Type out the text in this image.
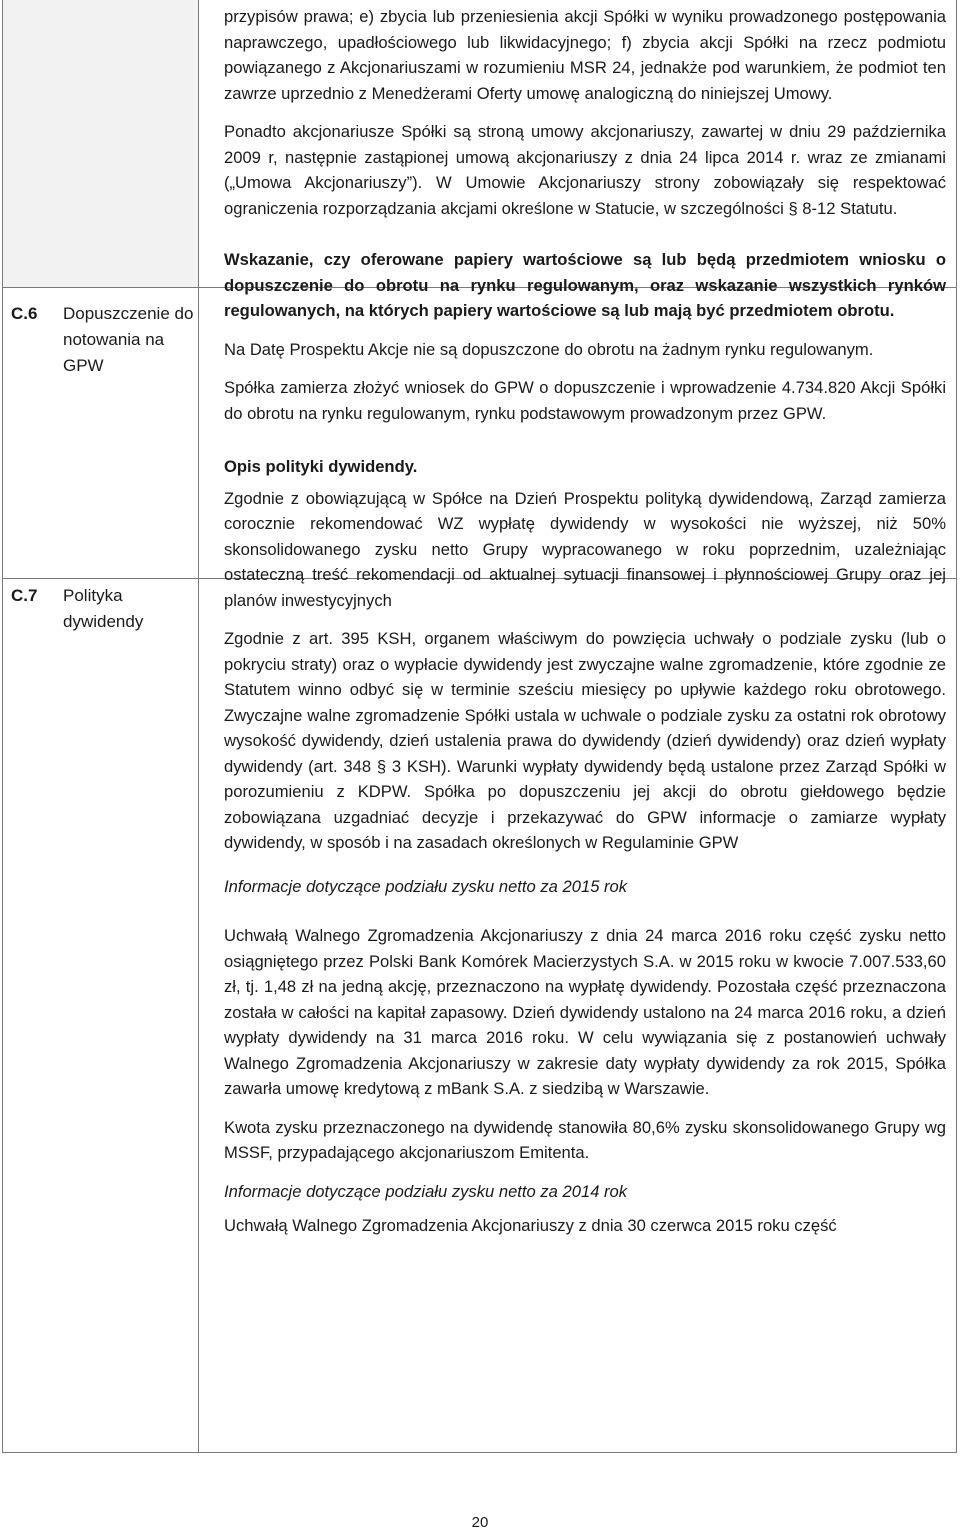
C.6 Dopuszczenie do notowania na GPW
C.7 Polityka dywidendy

przypisów prawa; e) zbycia lub przeniesienia akcji Spółki w wyniku prowadzonego postępowania naprawczego, upadłościowego lub likwidacyjnego; f) zbycia akcji Spółki na rzecz podmiotu powiązanego z Akcjonariuszami w rozumieniu MSR 24, jednakże pod warunkiem, że podmiot ten zawrze uprzednio z Menedżerami Oferty umowę analogiczną do niniejszej Umowy.

Ponadto akcjonariusze Spółki są stroną umowy akcjonariuszy, zawartej w dniu 29 października 2009 r, następnie zastąpionej umową akcjonariuszy z dnia 24 lipca 2014 r. wraz ze zmianami („Umowa Akcjonariuszy”). W Umowie Akcjonariuszy strony zobowiązały się respektować ograniczenia rozporządzania akcjami określone w Statucie, w szczególności § 8-12 Statutu.

Wskazanie, czy oferowane papiery wartościowe są lub będą przedmiotem wniosku o dopuszczenie do obrotu na rynku regulowanym, oraz wskazanie wszystkich rynków regulowanych, na których papiery wartościowe są lub mają być przedmiotem obrotu.

Na Datę Prospektu Akcje nie są dopuszczone do obrotu na żadnym rynku regulowanym.

Spółka zamierza złożyć wniosek do GPW o dopuszczenie i wprowadzenie 4.734.820 Akcji Spółki do obrotu na rynku regulowanym, rynku podstawowym prowadzonym przez GPW.

Opis polityki dywidendy.

Zgodnie z obowiązującą w Spółce na Dzień Prospektu polityką dywidendową, Zarząd zamierza corocznie rekomendować WZ wypłatę dywidendy w wysokości nie wyższej, niż 50% skonsolidowanego zysku netto Grupy wypracowanego w roku poprzednim, uzależniając ostateczną treść rekomendacji od aktualnej sytuacji finansowej i płynnościowej Grupy oraz jej planów inwestycyjnych

Zgodnie z art. 395 KSH, organem właściwym do powzięcia uchwały o podziale zysku (lub o pokryciu straty) oraz o wypłacie dywidendy jest zwyczajne walne zgromadzenie, które zgodnie ze Statutem winno odbyć się w terminie sześciu miesięcy po upływie każdego roku obrotowego. Zwyczajne walne zgromadzenie Spółki ustala w uchwale o podziale zysku za ostatni rok obrotowy wysokość dywidendy, dzień ustalenia prawa do dywidendy (dzień dywidendy) oraz dzień wypłaty dywidendy (art. 348 § 3 KSH). Warunki wypłaty dywidendy będą ustalone przez Zarząd Spółki w porozumieniu z KDPW. Spółka po dopuszczeniu jej akcji do obrotu giełdowego będzie zobowiązana uzgadniać decyzje i przekazywać do GPW informacje o zamiarze wypłaty dywidendy, w sposób i na zasadach określonych w Regulaminie GPW

Informacje dotyczące podziału zysku netto za 2015 rok

Uchwałą Walnego Zgromadzenia Akcjonariuszy z dnia 24 marca 2016 roku część zysku netto osiągniętego przez Polski Bank Komórek Macierzystych S.A. w 2015 roku w kwocie 7.007.533,60 zł, tj. 1,48 zł na jedną akcję, przeznaczono na wypłatę dywidendy. Pozostała część przeznaczona została w całości na kapitał zapasowy. Dzień dywidendy ustalono na 24 marca 2016 roku, a dzień wypłaty dywidendy na 31 marca 2016 roku. W celu wywiązania się z postanowień uchwały Walnego Zgromadzenia Akcjonariuszy w zakresie daty wypłaty dywidendy za rok 2015, Spółka zawarła umowę kredytową z mBank S.A. z siedzibą w Warszawie.

Kwota zysku przeznaczonego na dywidendę stanowiła 80,6% zysku skonsolidowanego Grupy wg MSSF, przypadającego akcjonariuszom Emitenta.

Informacje dotyczące podziału zysku netto za 2014 rok

Uchwałą Walnego Zgromadzenia Akcjonariuszy z dnia 30 czerwca 2015 roku część

20
